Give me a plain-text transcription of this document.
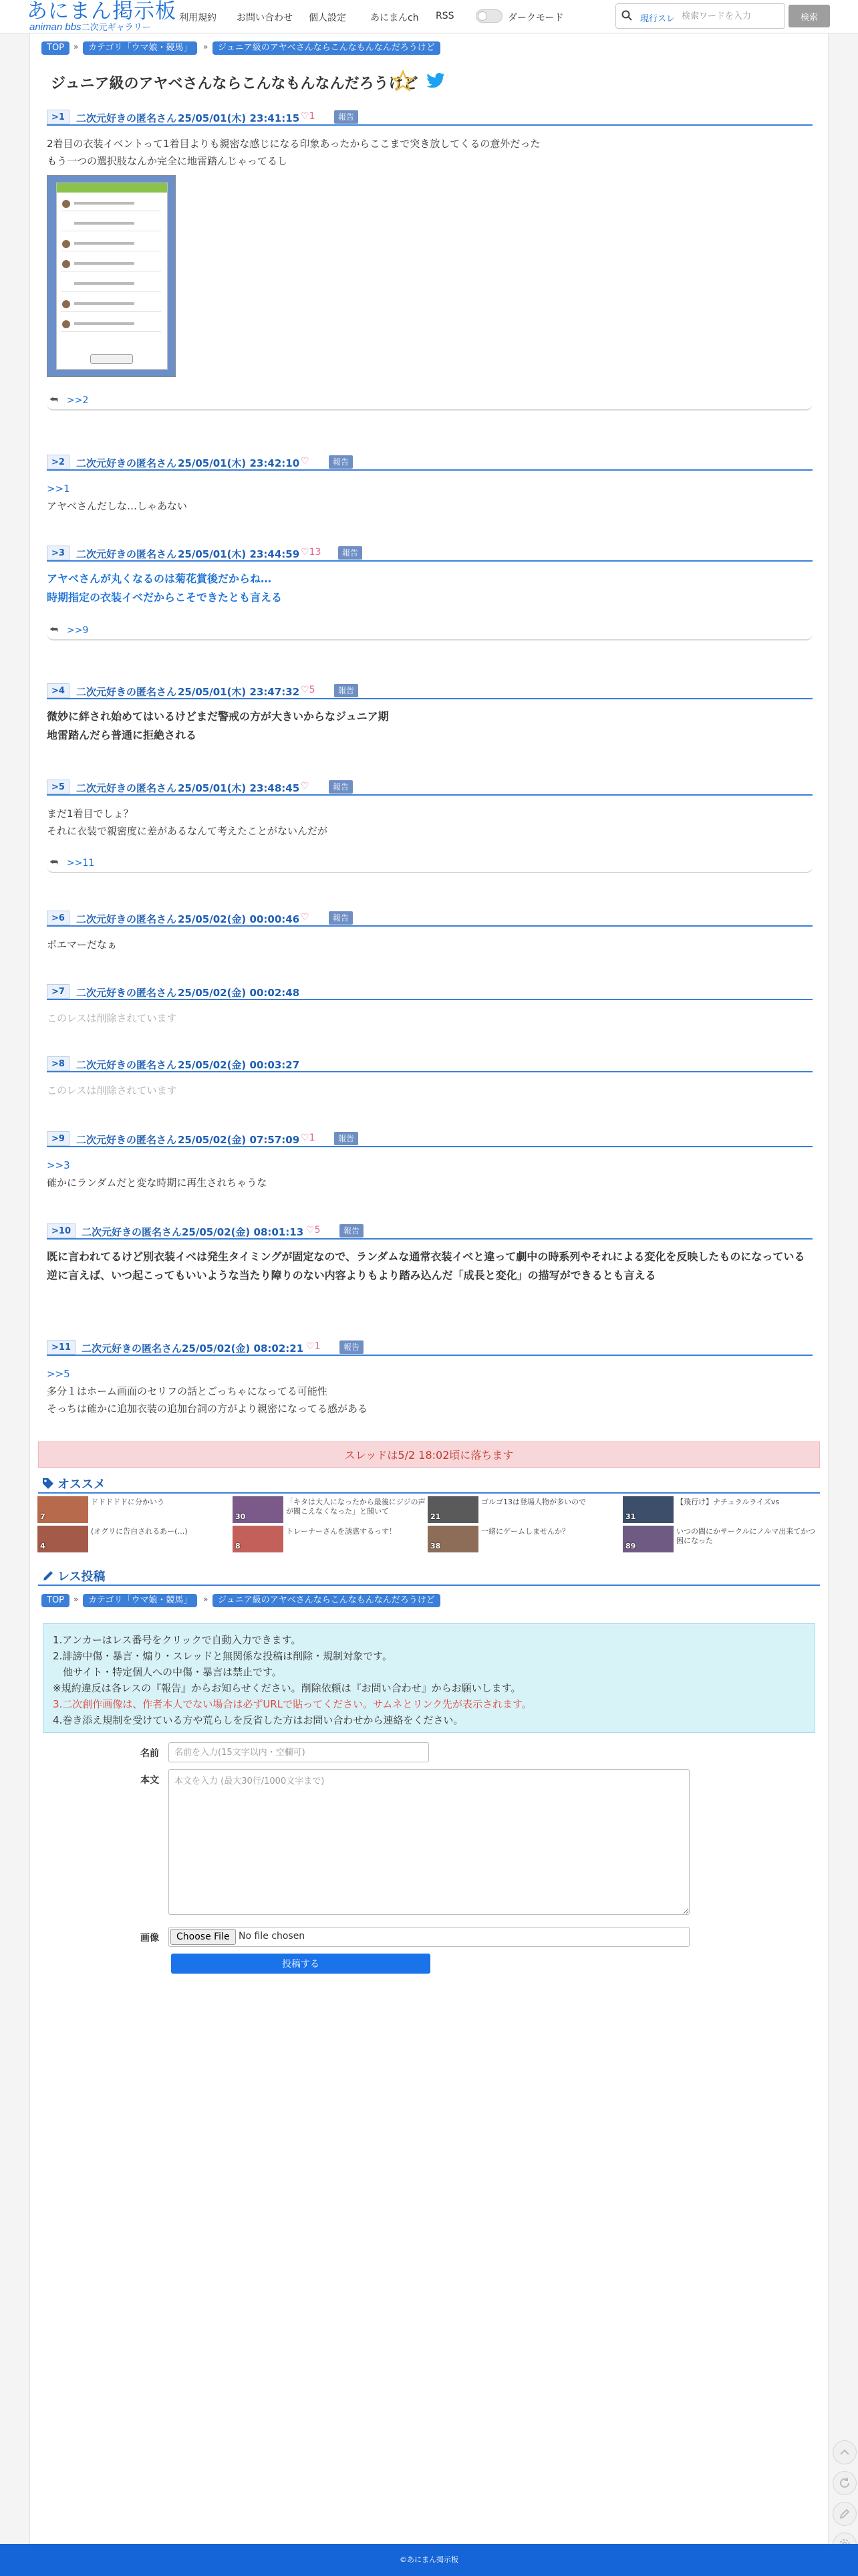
あにまん掲示板
animan bbs二次元ギャラリー
利用規約 お問い合わせ 個人設定	あにまんch RSS	ダークモード	現行スレ
検索ワードを入力	検索
TOP	»	カテゴリ「ウマ娘・競馬」	»	ジュニア級のアヤベさんならこんなもんなんだろうけど
ジュニア級のアヤベさんならこんなもんなんだろうけど
>1	二次元好きの匿名さん 25/05/01(木) 23:41:15 ♡1	報告
2着目の衣装イベントって1着目よりも親密な感じになる印象あったからここまで突き放してくるの意外だった
もう一つの選択肢なんか完全に地雷踏んじゃってるし
⮪ >>2
>2	二次元好きの匿名さん 25/05/01(木) 23:42:10 ♡	報告
>>1
アヤベさんだしな…しゃあない
>3	二次元好きの匿名さん 25/05/01(木) 23:44:59 ♡13	報告
アヤベさんが丸くなるのは菊花賞後だからね…
時期指定の衣装イベだからこそできたとも言える
⮪ >>9
>4	二次元好きの匿名さん 25/05/01(木) 23:47:32 ♡5	報告
微妙に絆され始めてはいるけどまだ警戒の方が大きいからなジュニア期
地雷踏んだら普通に拒絶される
>5	二次元好きの匿名さん 25/05/01(木) 23:48:45 ♡	報告
まだ1着目でしょ？
それに衣装で親密度に差があるなんて考えたことがないんだが
⮪ >>11
>6	二次元好きの匿名さん 25/05/02(金) 00:00:46 ♡	報告
ポエマーだなぁ
>7	二次元好きの匿名さん 25/05/02(金) 00:02:48
このレスは削除されています
>8	二次元好きの匿名さん 25/05/02(金) 00:03:27
このレスは削除されています
>9	二次元好きの匿名さん 25/05/02(金) 07:57:09 ♡1	報告
>>3
確かにランダムだと変な時期に再生されちゃうな
>10	二次元好きの匿名さん 25/05/02(金) 08:01:13 ♡5	報告
既に言われてるけど別衣装イベは発生タイミングが固定なので、ランダムな通常衣装イベと違って劇中の時系列やそれによる変化を反映したものになっている
逆に言えば、いつ起こってもいいような当たり障りのない内容よりもより踏み込んだ「成長と変化」の描写ができるとも言える
>11	二次元好きの匿名さん 25/05/02(金) 08:02:21 ♡1	報告
>>5
多分１はホーム画面のセリフの話とごっちゃになってる可能性
そっちは確かに追加衣装の追加台詞の方がより親密になってる感がある
スレッドは5/2 18:02頃に落ちます
オススメ
7
ドドドドドに分かいう
30
「キタは大人になったから最後にジジの声が聞こえなくなった」と聞いて
21
ゴルゴ13は登場人物が多いので
31
【飛行け】ナチュラルライズvs
4
(オグリに告白されるあー(…)
8
トレーナーさんを誘惑するっす！
38
一緒にゲームしませんか？
89
いつの間にかサークルにノルマ出来てかつ困になった
レス投稿
TOP	»	カテゴリ「ウマ娘・競馬」	»	ジュニア級のアヤベさんならこんなもんなんだろうけど
1.アンカーはレス番号をクリックで自動入力できます。
2.誹謗中傷・暴言・煽り・スレッドと無関係な投稿は削除・規制対象です。
　他サイト・特定個人への中傷・暴言は禁止です。
※規約違反は各レスの『報告』からお知らせください。削除依頼は『お問い合わせ』からお願いします。
3.二次創作画像は、作者本人でない場合は必ずURLで貼ってください。サムネとリンク先が表示されます。
4.巻き添え規制を受けている方や荒らしを反省した方はお問い合わせから連絡をください。
名前
名前を入力(15文字以内・空欄可)
本文
本文を入力 (最大30行/1000文字まで)
画像	Choose File No file chosen
投稿する
©あにまん掲示板
